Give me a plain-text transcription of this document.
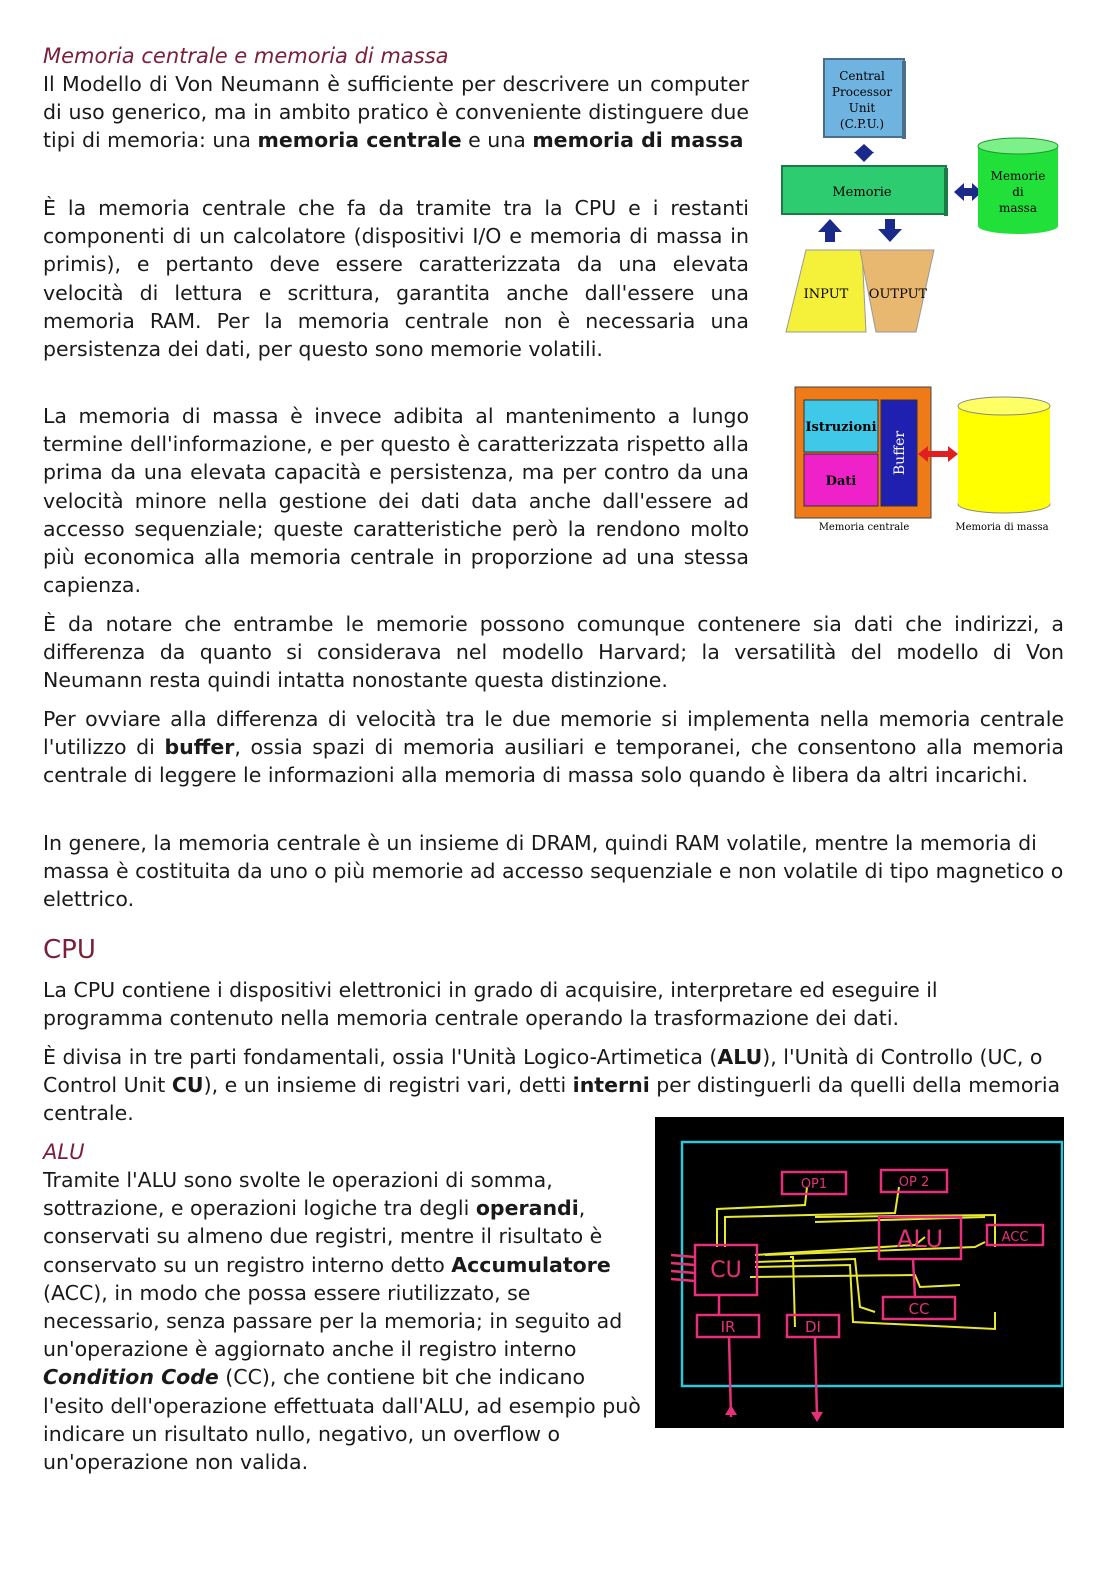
Memoria centrale e memoria di massa

Il Modello di Von Neumann è sufficiente per descrivere un computer di uso generico, ma in ambito pratico è conveniente distinguere due tipi di memoria: una memoria centrale e una memoria di massa

È la memoria centrale che fa da tramite tra la CPU e i restanti componenti di un calcolatore (dispositivi I/O e memoria di massa in primis), e pertanto deve essere caratterizzata da una elevata velocità di lettura e scrittura, garantita anche dall'essere una memoria RAM. Per la memoria centrale non è necessaria una persistenza dei dati, per questo sono memorie volatili.

La memoria di massa è invece adibita al mantenimento a lungo termine dell'informazione, e per questo è caratterizzata rispetto alla prima da una elevata capacità e persistenza, ma per contro da una velocità minore nella gestione dei dati data anche dall'essere ad accesso sequenziale; queste caratteristiche però la rendono molto più economica alla memoria centrale in proporzione ad una stessa capienza.

È da notare che entrambe le memorie possono comunque contenere sia dati che indirizzi, a differenza da quanto si considerava nel modello Harvard; la versatilità del modello di Von Neumann resta quindi intatta nonostante questa distinzione.

Per ovviare alla differenza di velocità tra le due memorie si implementa nella memoria centrale l'utilizzo di buffer, ossia spazi di memoria ausiliari e temporanei, che consentono alla memoria centrale di leggere le informazioni alla memoria di massa solo quando è libera da altri incarichi.

In genere, la memoria centrale è un insieme di DRAM, quindi RAM volatile, mentre la memoria di massa è costituita da uno o più memorie ad accesso sequenziale e non volatile di tipo magnetico o elettrico.

Central
Processor
Unit
(C.P.U.)
Memorie
Memorie
di
massa
INPUT OUTPUT
Istruzioni
Dati
Buffer
Memoria centrale	Memoria di massa
CPU

La CPU contiene i dispositivi elettronici in grado di acquisire, interpretare ed eseguire il programma contenuto nella memoria centrale operando la trasformazione dei dati.

È divisa in tre parti fondamentali, ossia l'Unità Logico-Artimetica (ALU), l'Unità di Controllo (UC, o Control Unit CU), e un insieme di registri vari, detti interni per distinguerli da quelli della memoria centrale.

ALU

Tramite l'ALU sono svolte le operazioni di somma, sottrazione, e operazioni logiche tra degli operandi, conservati su almeno due registri, mentre il risultato è conservato su un registro interno detto Accumulatore (ACC), in modo che possa essere riutilizzato, se necessario, senza passare per la memoria; in seguito ad un'operazione è aggiornato anche il registro interno Condition Code (CC), che contiene bit che indicano l'esito dell'operazione effettuata dall'ALU, ad esempio può indicare un risultato nullo, negativo, un overflow o un'operazione non valida.

OP1	OP 2
ALU	ACC
CU
CC
IR	DI
